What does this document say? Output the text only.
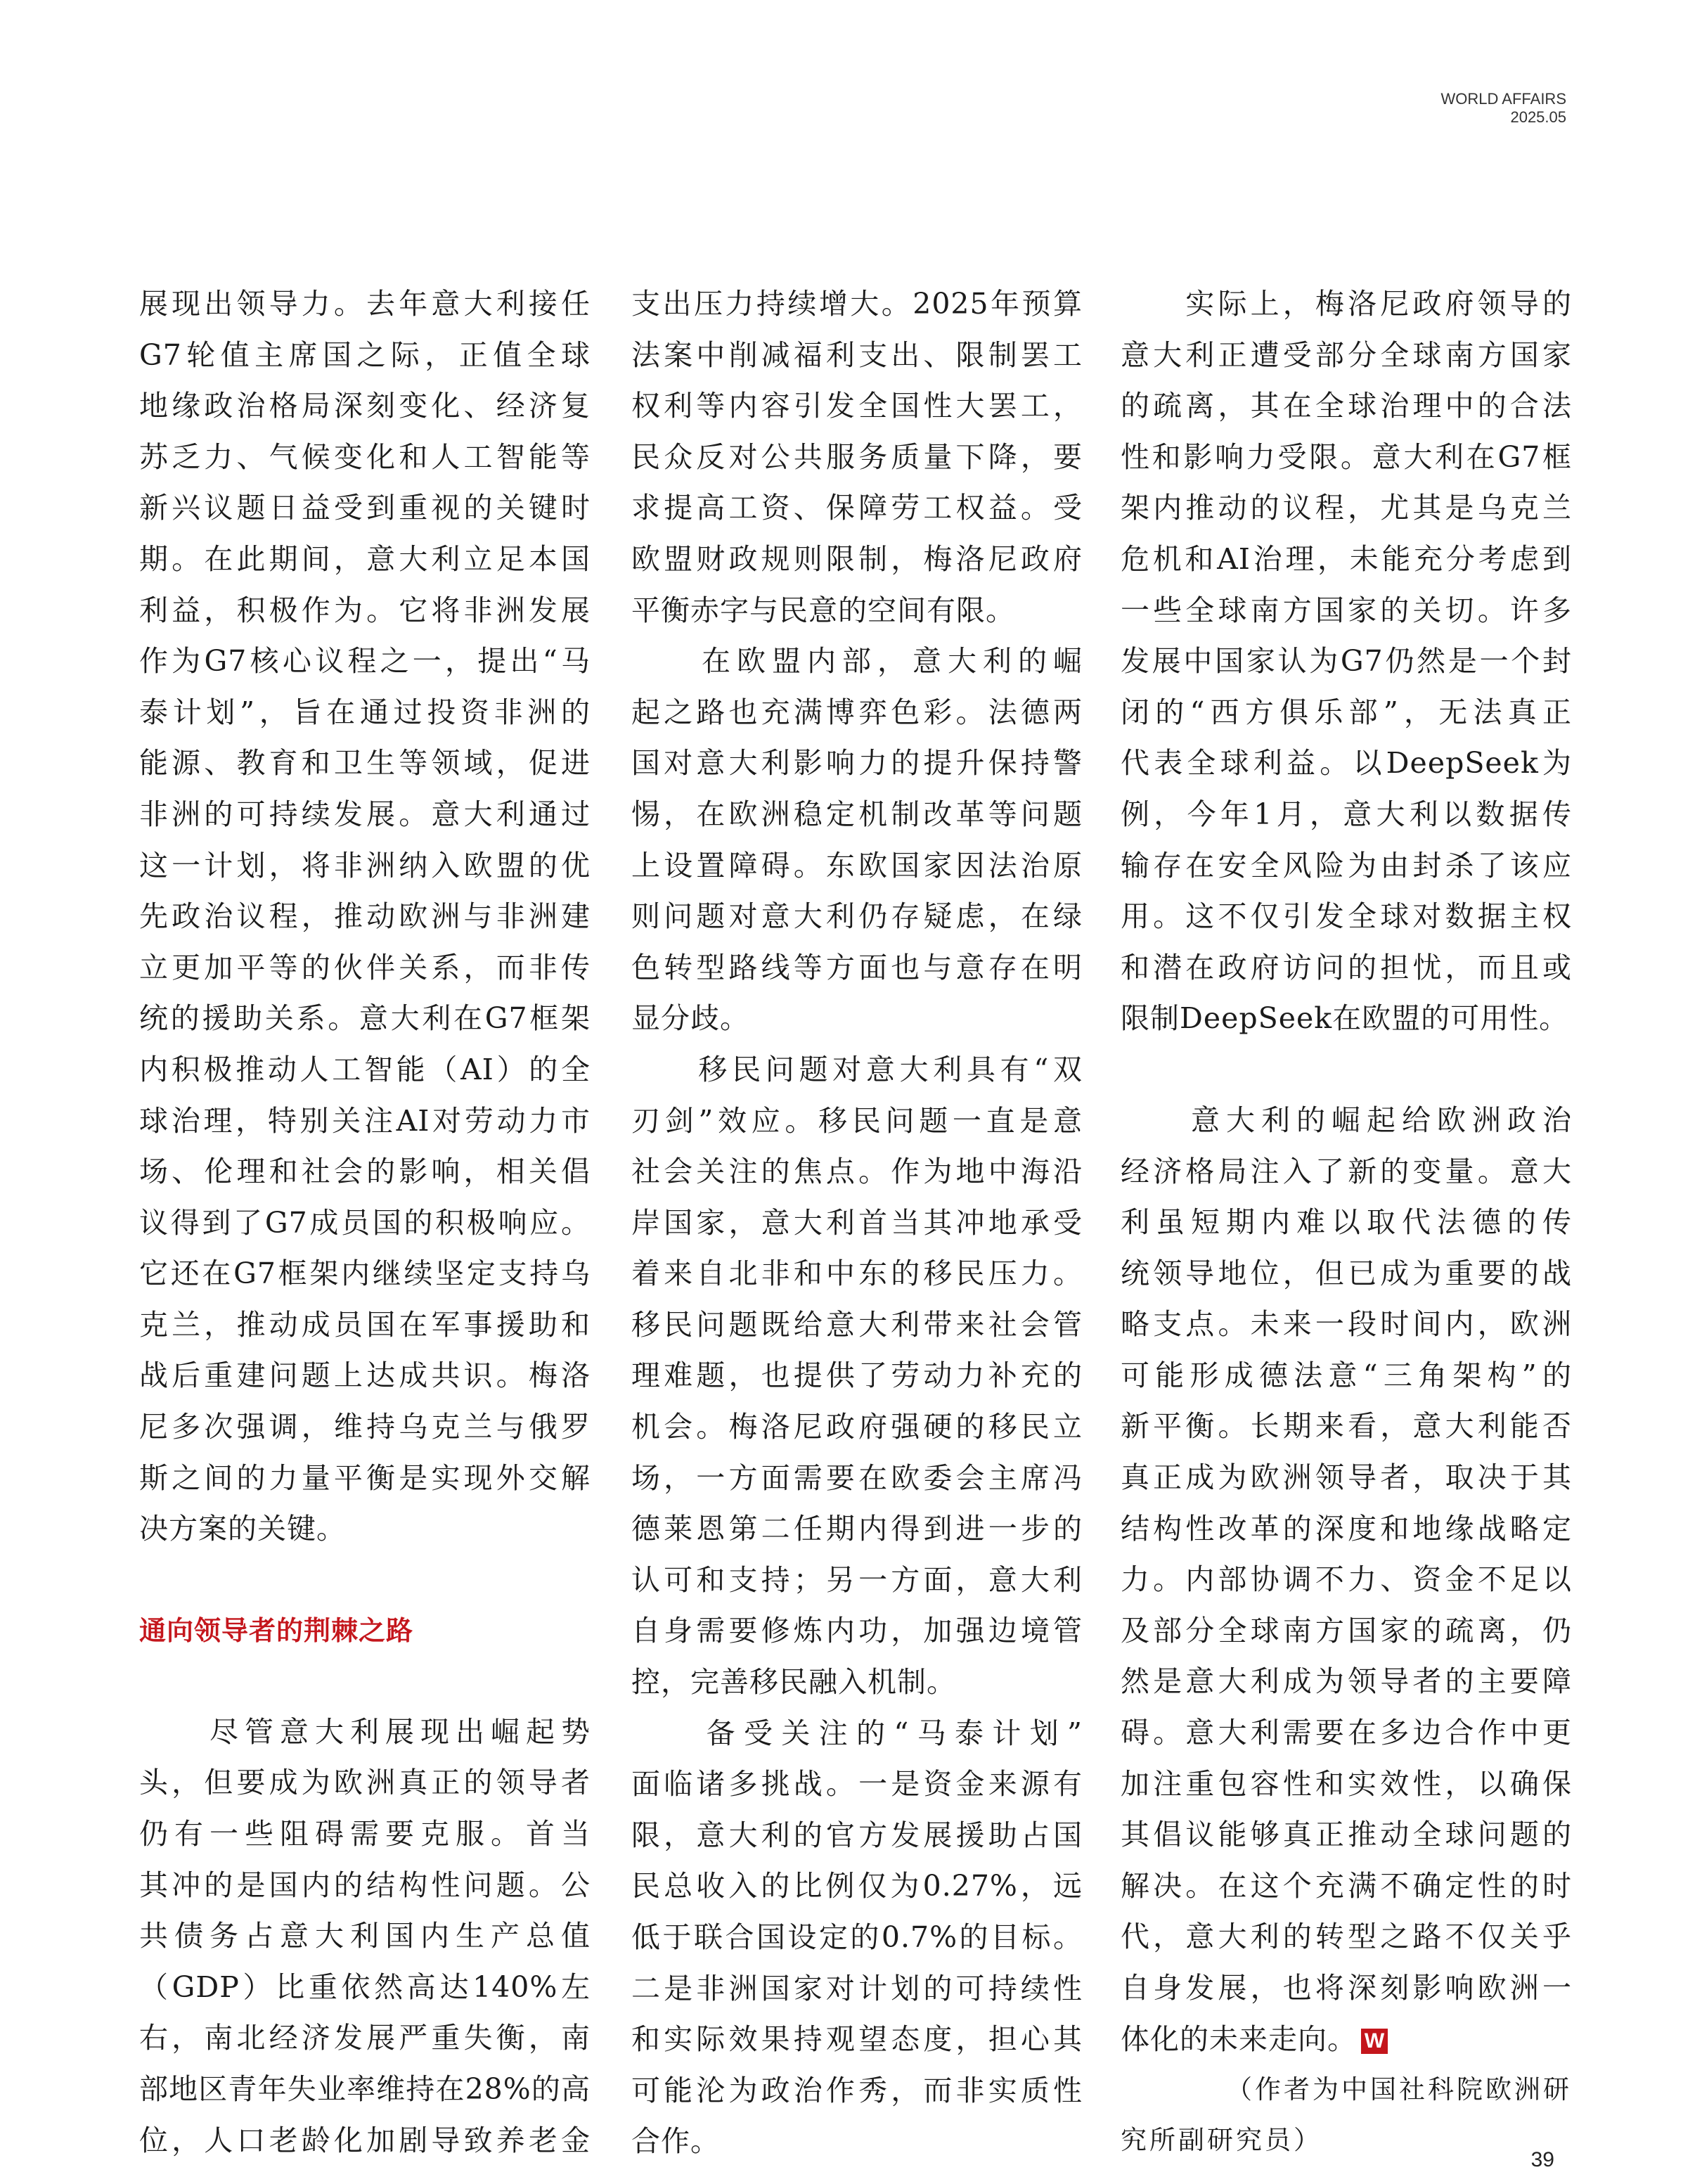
WORLD AFFAIRS
2025.05

展现出领导力。去年意大利接任

G7轮值主席国之际，正值全球

地缘政治格局深刻变化、经济复

苏乏力、气候变化和人工智能等

新兴议题日益受到重视的关键时

期。在此期间，意大利立足本国

利益，积极作为。它将非洲发展

作为G7核心议程之一，提出“马

泰计划”，旨在通过投资非洲的

能源、教育和卫生等领域，促进

非洲的可持续发展。意大利通过

这一计划，将非洲纳入欧盟的优

先政治议程，推动欧洲与非洲建

立更加平等的伙伴关系，而非传

统的援助关系。意大利在G7框架

内积极推动人工智能（AI）的全

球治理，特别关注AI对劳动力市

场、伦理和社会的影响，相关倡

议得到了G7成员国的积极响应。

它还在G7框架内继续坚定支持乌

克兰，推动成员国在军事援助和

战后重建问题上达成共识。梅洛

尼多次强调，维持乌克兰与俄罗

斯之间的力量平衡是实现外交解

决方案的关键。

通向领导者的荆棘之路

　　尽管意大利展现出崛起势

头，但要成为欧洲真正的领导者

仍有一些阻碍需要克服。首当

其冲的是国内的结构性问题。公

共债务占意大利国内生产总值

（GDP）比重依然高达140%左

右，南北经济发展严重失衡，南

部地区青年失业率维持在28%的高

位，人口老龄化加剧导致养老金

支出压力持续增大。2025年预算

法案中削减福利支出、限制罢工

权利等内容引发全国性大罢工，

民众反对公共服务质量下降，要

求提高工资、保障劳工权益。受

欧盟财政规则限制，梅洛尼政府

平衡赤字与民意的空间有限。

　　在欧盟内部，意大利的崛

起之路也充满博弈色彩。法德两

国对意大利影响力的提升保持警

惕，在欧洲稳定机制改革等问题

上设置障碍。东欧国家因法治原

则问题对意大利仍存疑虑，在绿

色转型路线等方面也与意存在明

显分歧。

　　移民问题对意大利具有“双

刃剑”效应。移民问题一直是意

社会关注的焦点。作为地中海沿

岸国家，意大利首当其冲地承受

着来自北非和中东的移民压力。

移民问题既给意大利带来社会管

理难题，也提供了劳动力补充的

机会。梅洛尼政府强硬的移民立

场，一方面需要在欧委会主席冯

德莱恩第二任期内得到进一步的

认可和支持；另一方面，意大利

自身需要修炼内功，加强边境管

控，完善移民融入机制。

　　备受关注的“马泰计划”

面临诸多挑战。一是资金来源有

限，意大利的官方发展援助占国

民总收入的比例仅为0.27%，远

低于联合国设定的0.7%的目标。

二是非洲国家对计划的可持续性

和实际效果持观望态度，担心其

可能沦为政治作秀，而非实质性

合作。

　　实际上，梅洛尼政府领导的

意大利正遭受部分全球南方国家

的疏离，其在全球治理中的合法

性和影响力受限。意大利在G7框

架内推动的议程，尤其是乌克兰

危机和AI治理，未能充分考虑到

一些全球南方国家的关切。许多

发展中国家认为G7仍然是一个封

闭的“西方俱乐部”，无法真正

代表全球利益。以DeepSeek为

例，今年1月，意大利以数据传

输存在安全风险为由封杀了该应

用。这不仅引发全球对数据主权

和潜在政府访问的担忧，而且或

限制DeepSeek在欧盟的可用性。

　　意大利的崛起给欧洲政治

经济格局注入了新的变量。意大

利虽短期内难以取代法德的传

统领导地位，但已成为重要的战

略支点。未来一段时间内，欧洲

可能形成德法意“三角架构”的

新平衡。长期来看，意大利能否

真正成为欧洲领导者，取决于其

结构性改革的深度和地缘战略定

力。内部协调不力、资金不足以

及部分全球南方国家的疏离，仍

然是意大利成为领导者的主要障

碍。意大利需要在多边合作中更

加注重包容性和实效性，以确保

其倡议能够真正推动全球问题的

解决。在这个充满不确定性的时

代，意大利的转型之路不仅关乎

自身发展，也将深刻影响欧洲一

体化的未来走向。 W

（作者为中国社科院欧洲研

究所副研究员）

39
